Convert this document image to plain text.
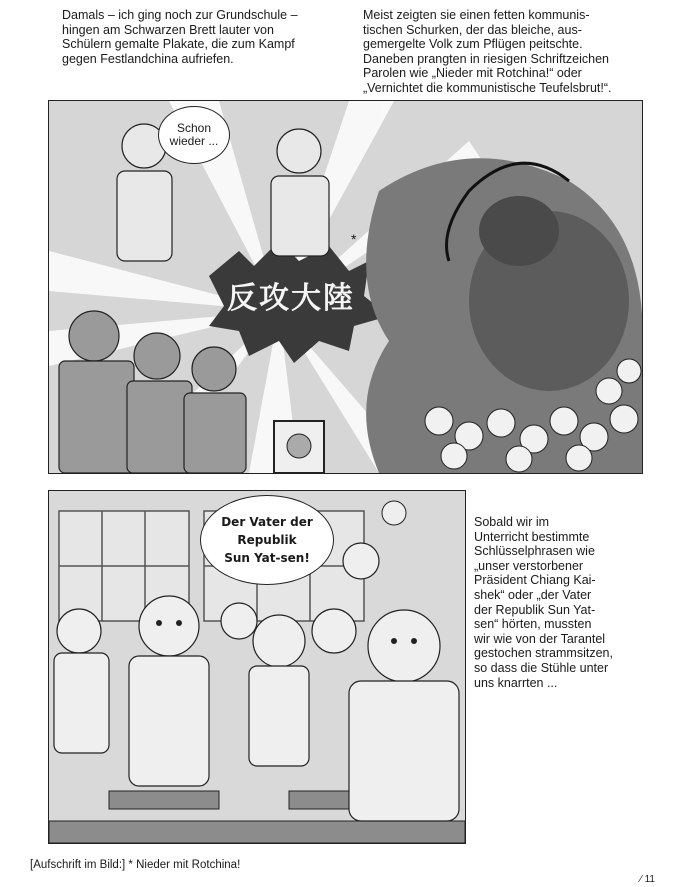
Damals – ich ging noch zur Grundschule –
hingen am Schwarzen Brett lauter von
Schülern gemalte Plakate, die zum Kampf
gegen Festlandchina aufriefen.
Meist zeigten sie einen fetten kommunis-
tischen Schurken, der das bleiche, aus-
gemergelte Volk zum Pflügen peitschte.
Daneben prangten in riesigen Schriftzeichen
Parolen wie „Nieder mit Rotchina!“ oder
„Vernichtet die kommunistische Teufelsbrut!“.
反攻大陸
*
Schon
wieder ...
Der Vater der
Republik
Sun Yat-sen!
Sobald wir im
Unterricht bestimmte
Schlüsselphrasen wie
„unser verstorbener
Präsident Chiang Kai-
shek“ oder „der Vater
der Republik Sun Yat-
sen“ hörten, mussten
wir wie von der Tarantel
gestochen strammsitzen,
so dass die Stühle unter
uns knarrten ...
[Aufschrift im Bild:] * Nieder mit Rotchina!
⁄ 11
